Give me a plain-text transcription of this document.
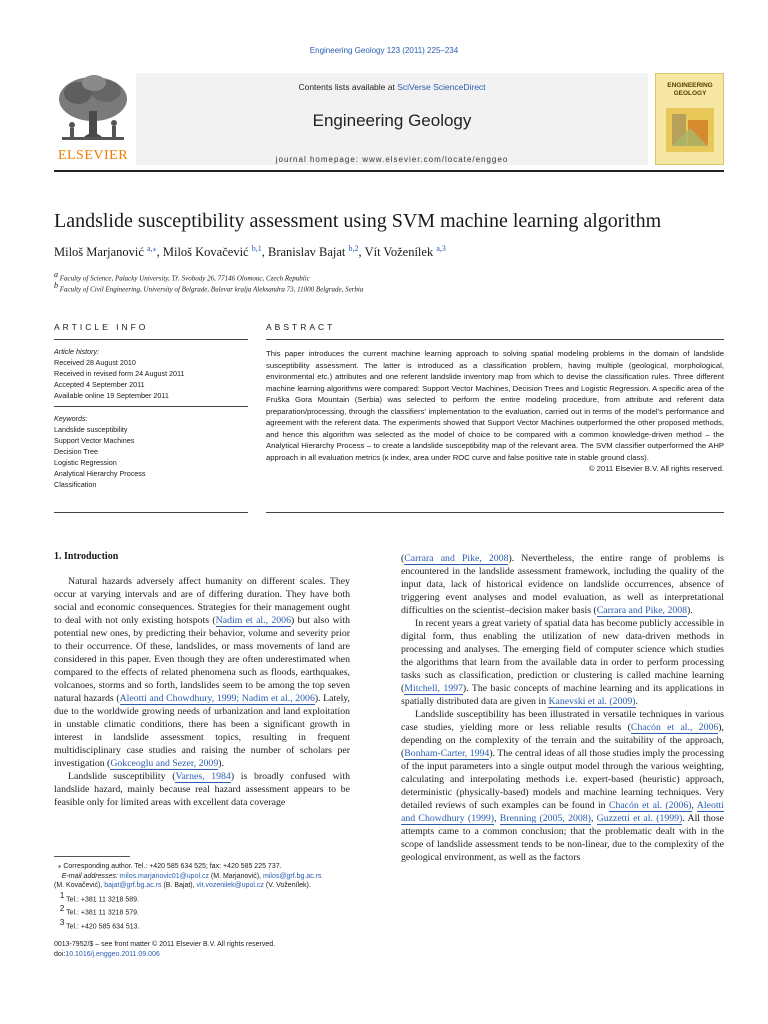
Engineering Geology 123 (2011) 225–234
ELSEVIER
Contents lists available at SciVerse ScienceDirect
Engineering Geology
journal homepage: www.elsevier.com/locate/enggeo
ENGINEERING
GEOLOGY
Landslide susceptibility assessment using SVM machine learning algorithm
Miloš Marjanović $^{a,⁎}$, Miloš Kovačević $^{b,1}$, Branislav Bajat $^{b,2}$, Vít Voženílek $^{a,3}$
$^a$ Faculty of Science, Palacky University, Tř. Svobody 26, 77146 Olomouc, Czech Republic
$^b$ Faculty of Civil Engineering, University of Belgrade, Bulevar kralja Aleksandra 73, 11000 Belgrade, Serbia
ARTICLE INFO	ABSTRACT
Article history:
Received 28 August 2010
Received in revised form 24 August 2011
Accepted 4 September 2011
Available online 19 September 2011
Keywords:
Landslide susceptibility
Support Vector Machines
Decision Tree
Logistic Regression
Analytical Hierarchy Process
Classification
This paper introduces the current machine learning approach to solving spatial modeling problems in the domain of landslide susceptibility assessment. The latter is introduced as a classification problem, having multiple (geological, morphological, environmental etc.) attributes and one referent landslide inventory map from which to devise the classification rules. Three different machine learning algorithms were compared: Support Vector Machines, Decision Trees and Logistic Regression. A specific area of the Fruška Gora Mountain (Serbia) was selected to perform the entire modeling procedure, from attribute and referent data preparation/processing, through the classifiers' implementation to the evaluation, carried out in terms of the model's performance and agreement with the referent data. The experiments showed that Support Vector Machines outperformed the other proposed methods, and hence this algorithm was selected as the model of choice to be compared with a common knowledge-driven method – the Analytical Hierarchy Process – to create a landslide susceptibility map of the relevant area. The SVM classifier outperformed the AHP approach in all evaluation metrics (κ index, area under ROC curve and false positive rate in stable ground class).
© 2011 Elsevier B.V. All rights reserved.
1. Introduction

Natural hazards adversely affect humanity on different scales. They occur at varying intervals and are of differing duration. They have both social and economic consequences. Strategies for their management ought to deal with not only existing hotspots (Nadim et al., 2006) but also with potential new ones, by predicting their behavior, volume and severity prior to their occurrence. Of these, landslides, or mass movements of land are considered in this paper. Even though they are often underestimated when compared to the effects of related phenomena such as floods, earthquakes, volcanoes, storms and so forth, landslides seem to be among the top seven natural hazards (Aleotti and Chowdhury, 1999; Nadim et al., 2006). Lately, due to the worldwide growing needs of urbanization and land exploitation in unstable climatic conditions, there has been a significant growth in interest in landslide assessment topics, resulting in frequent multidisciplinary case studies and raising the number of scholars per investigation (Gokceoglu and Sezer, 2009).

Landslide susceptibility (Varnes, 1984) is broadly confused with landslide hazard, mainly because real hazard assessment appears to be feasible only for limited areas with excellent data coverage

(Carrara and Pike, 2008). Nevertheless, the entire range of problems is encountered in the landslide assessment framework, including the quality of the input data, lack of historical evidence on landslide occurrences, absence of triggering event analyses and model evaluation, as well as interpretational difficulties on the scientist–decision maker basis (Carrara and Pike, 2008).

In recent years a great variety of spatial data has become publicly accessible in digital form, thus enabling the utilization of new data-driven methods in processing and analyses. The emerging field of computer science which studies the algorithms that learn from the available data in order to perform processing tasks such as classification, prediction or clustering is called machine learning (Mitchell, 1997). The basic concepts of machine learning and its applications in spatially distributed data are given in Kanevski et al. (2009).

Landslide susceptibility has been illustrated in versatile techniques in various case studies, yielding more or less reliable results (Chacón et al., 2006), depending on the complexity of the terrain and the suitability of the approach, (Bonham-Carter, 1994). The central ideas of all those studies imply the processing of the input parameters into a single output model through the various weighting, calculating and interpolating methods i.e. expert-based (heuristic) approach, deterministic (physically-based) models and machine learning techniques. Very detailed reviews of such examples can be found in Chacón et al. (2006), Aleotti and Chowdhury (1999), Brenning (2005, 2008), Guzzetti et al. (1999). All those attempts came to a common conclusion; that the problematic dealt with in the scope of landslide assessment tends to be non-linear, due to the complexity of the geological environment, as well as the factors

⁎ Corresponding author. Tel.: +420 585 634 525; fax: +420 585 225 737.
E-mail addresses: milos.marjanovic01@upol.cz (M. Marjanović), milos@grf.bg.ac.rs
(M. Kovačević), bajat@grf.bg.ac.rs (B. Bajat), vit.vozenilek@upol.cz (V. Voženílek).
$^1$ Tel.: +381 11 3218 589.
$^2$ Tel.: +381 11 3218 579.
$^3$ Tel.: +420 585 634 513.
0013-7952/$ – see front matter © 2011 Elsevier B.V. All rights reserved.
doi:10.1016/j.enggeo.2011.09.006
